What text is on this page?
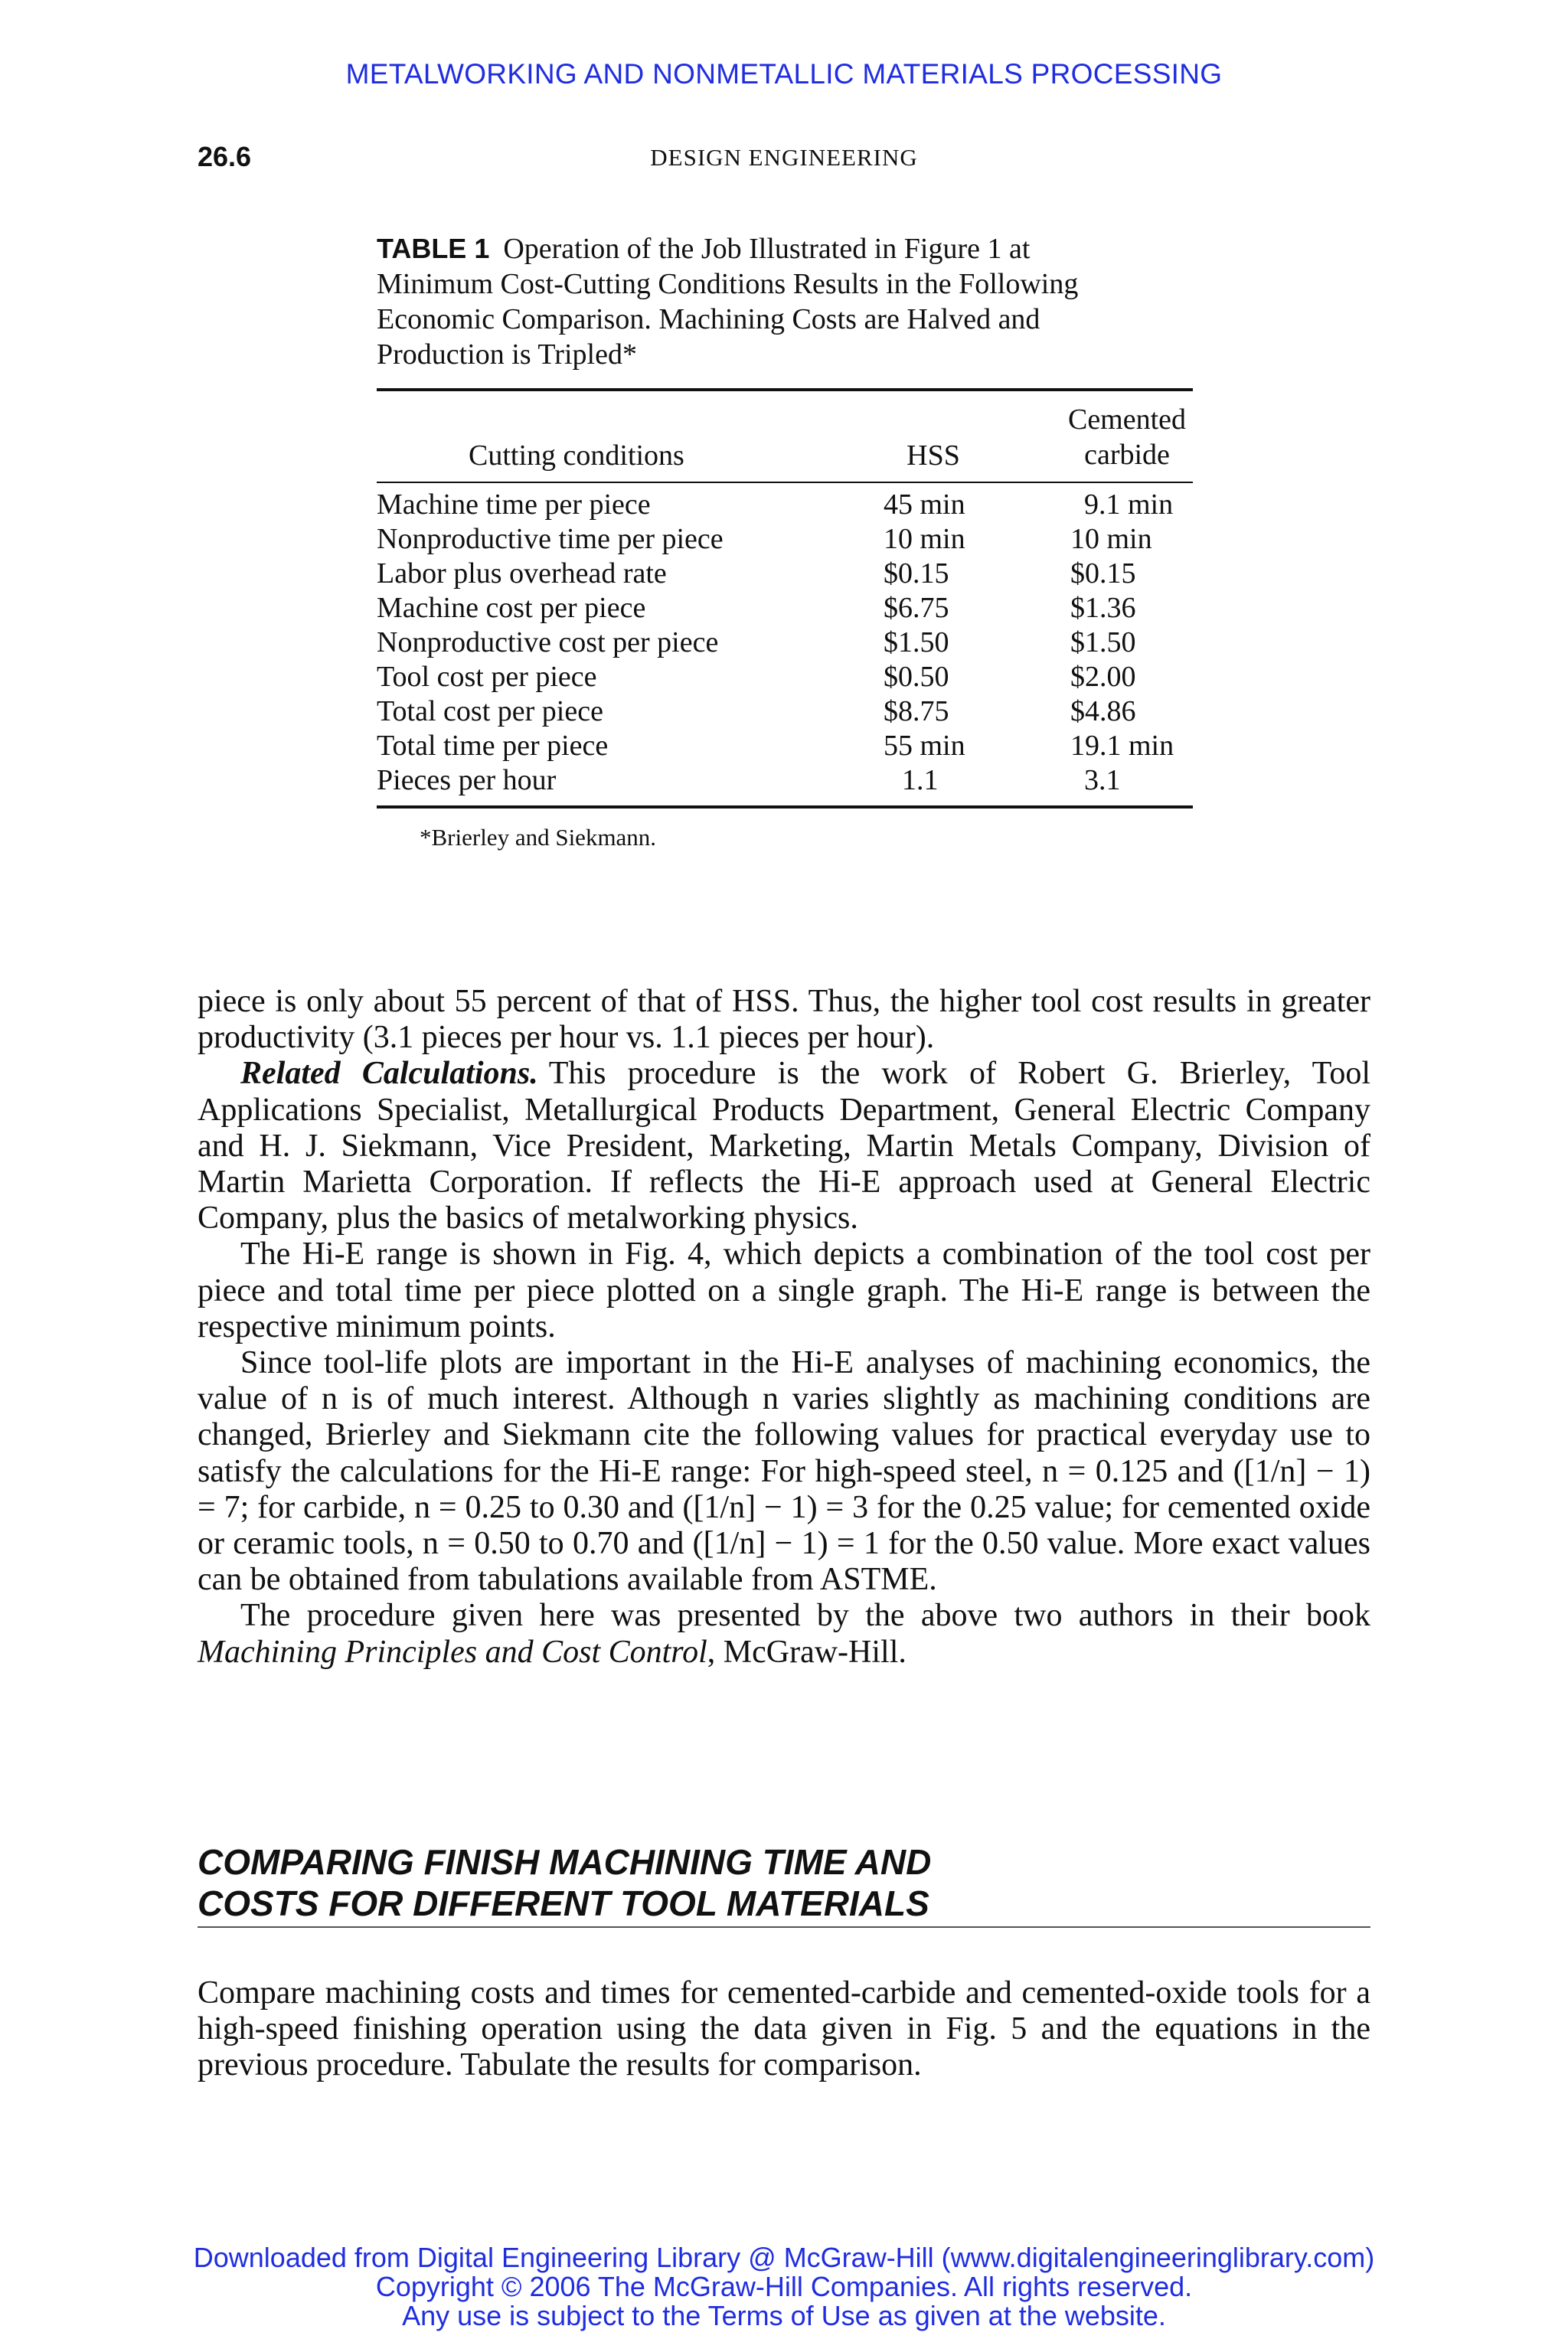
METALWORKING AND NONMETALLIC MATERIALS PROCESSING
26.6	DESIGN ENGINEERING
TABLE 1 Operation of the Job Illustrated in Figure 1 at
Minimum Cost-Cutting Conditions Results in the Following
Economic Comparison. Machining Costs are Halved and
Production is Tripled*
Cutting conditions	HSS
Cemented
carbide
Machine time per piece	45 min	9.1 min
Nonproductive time per piece	10 min	10 min
Labor plus overhead rate	$0.15	$0.15
Machine cost per piece	$6.75	$1.36
Nonproductive cost per piece	$1.50	$1.50
Tool cost per piece	$0.50	$2.00
Total cost per piece	$8.75	$4.86
Total time per piece	55 min	19.1 min
Pieces per hour	1.1	3.1
*Brierley and Siekmann.

piece is only about 55 percent of that of HSS. Thus, the higher tool cost results in greater productivity (3.1 pieces per hour vs. 1.1 pieces per hour).

Related Calculations. This procedure is the work of Robert G. Brierley, Tool Applications Specialist, Metallurgical Products Department, General Electric Company and H. J. Siekmann, Vice President, Marketing, Martin Metals Company, Division of Martin Marietta Corporation. If reflects the Hi-E approach used at General Electric Company, plus the basics of metalworking physics.

The Hi-E range is shown in Fig. 4, which depicts a combination of the tool cost per piece and total time per piece plotted on a single graph. The Hi-E range is between the respective minimum points.

Since tool-life plots are important in the Hi-E analyses of machining economics, the value of n is of much interest. Although n varies slightly as machining conditions are changed, Brierley and Siekmann cite the following values for practical everyday use to satisfy the calculations for the Hi-E range: For high-speed steel, n = 0.125 and ([1/n] − 1) = 7; for carbide, n = 0.25 to 0.30 and ([1/n] − 1) = 3 for the 0.25 value; for cemented oxide or ceramic tools, n = 0.50 to 0.70 and ([1/n] − 1) = 1 for the 0.50 value. More exact values can be obtained from tabulations available from ASTME.

The procedure given here was presented by the above two authors in their book Machining Principles and Cost Control, McGraw-Hill.

COMPARING FINISH MACHINING TIME AND
COSTS FOR DIFFERENT TOOL MATERIALS

Compare machining costs and times for cemented-carbide and cemented-oxide tools for a high-speed finishing operation using the data given in Fig. 5 and the equations in the previous procedure. Tabulate the results for comparison.

Downloaded from Digital Engineering Library @ McGraw-Hill (www.digitalengineeringlibrary.com)
Copyright © 2006 The McGraw-Hill Companies. All rights reserved.
Any use is subject to the Terms of Use as given at the website.
